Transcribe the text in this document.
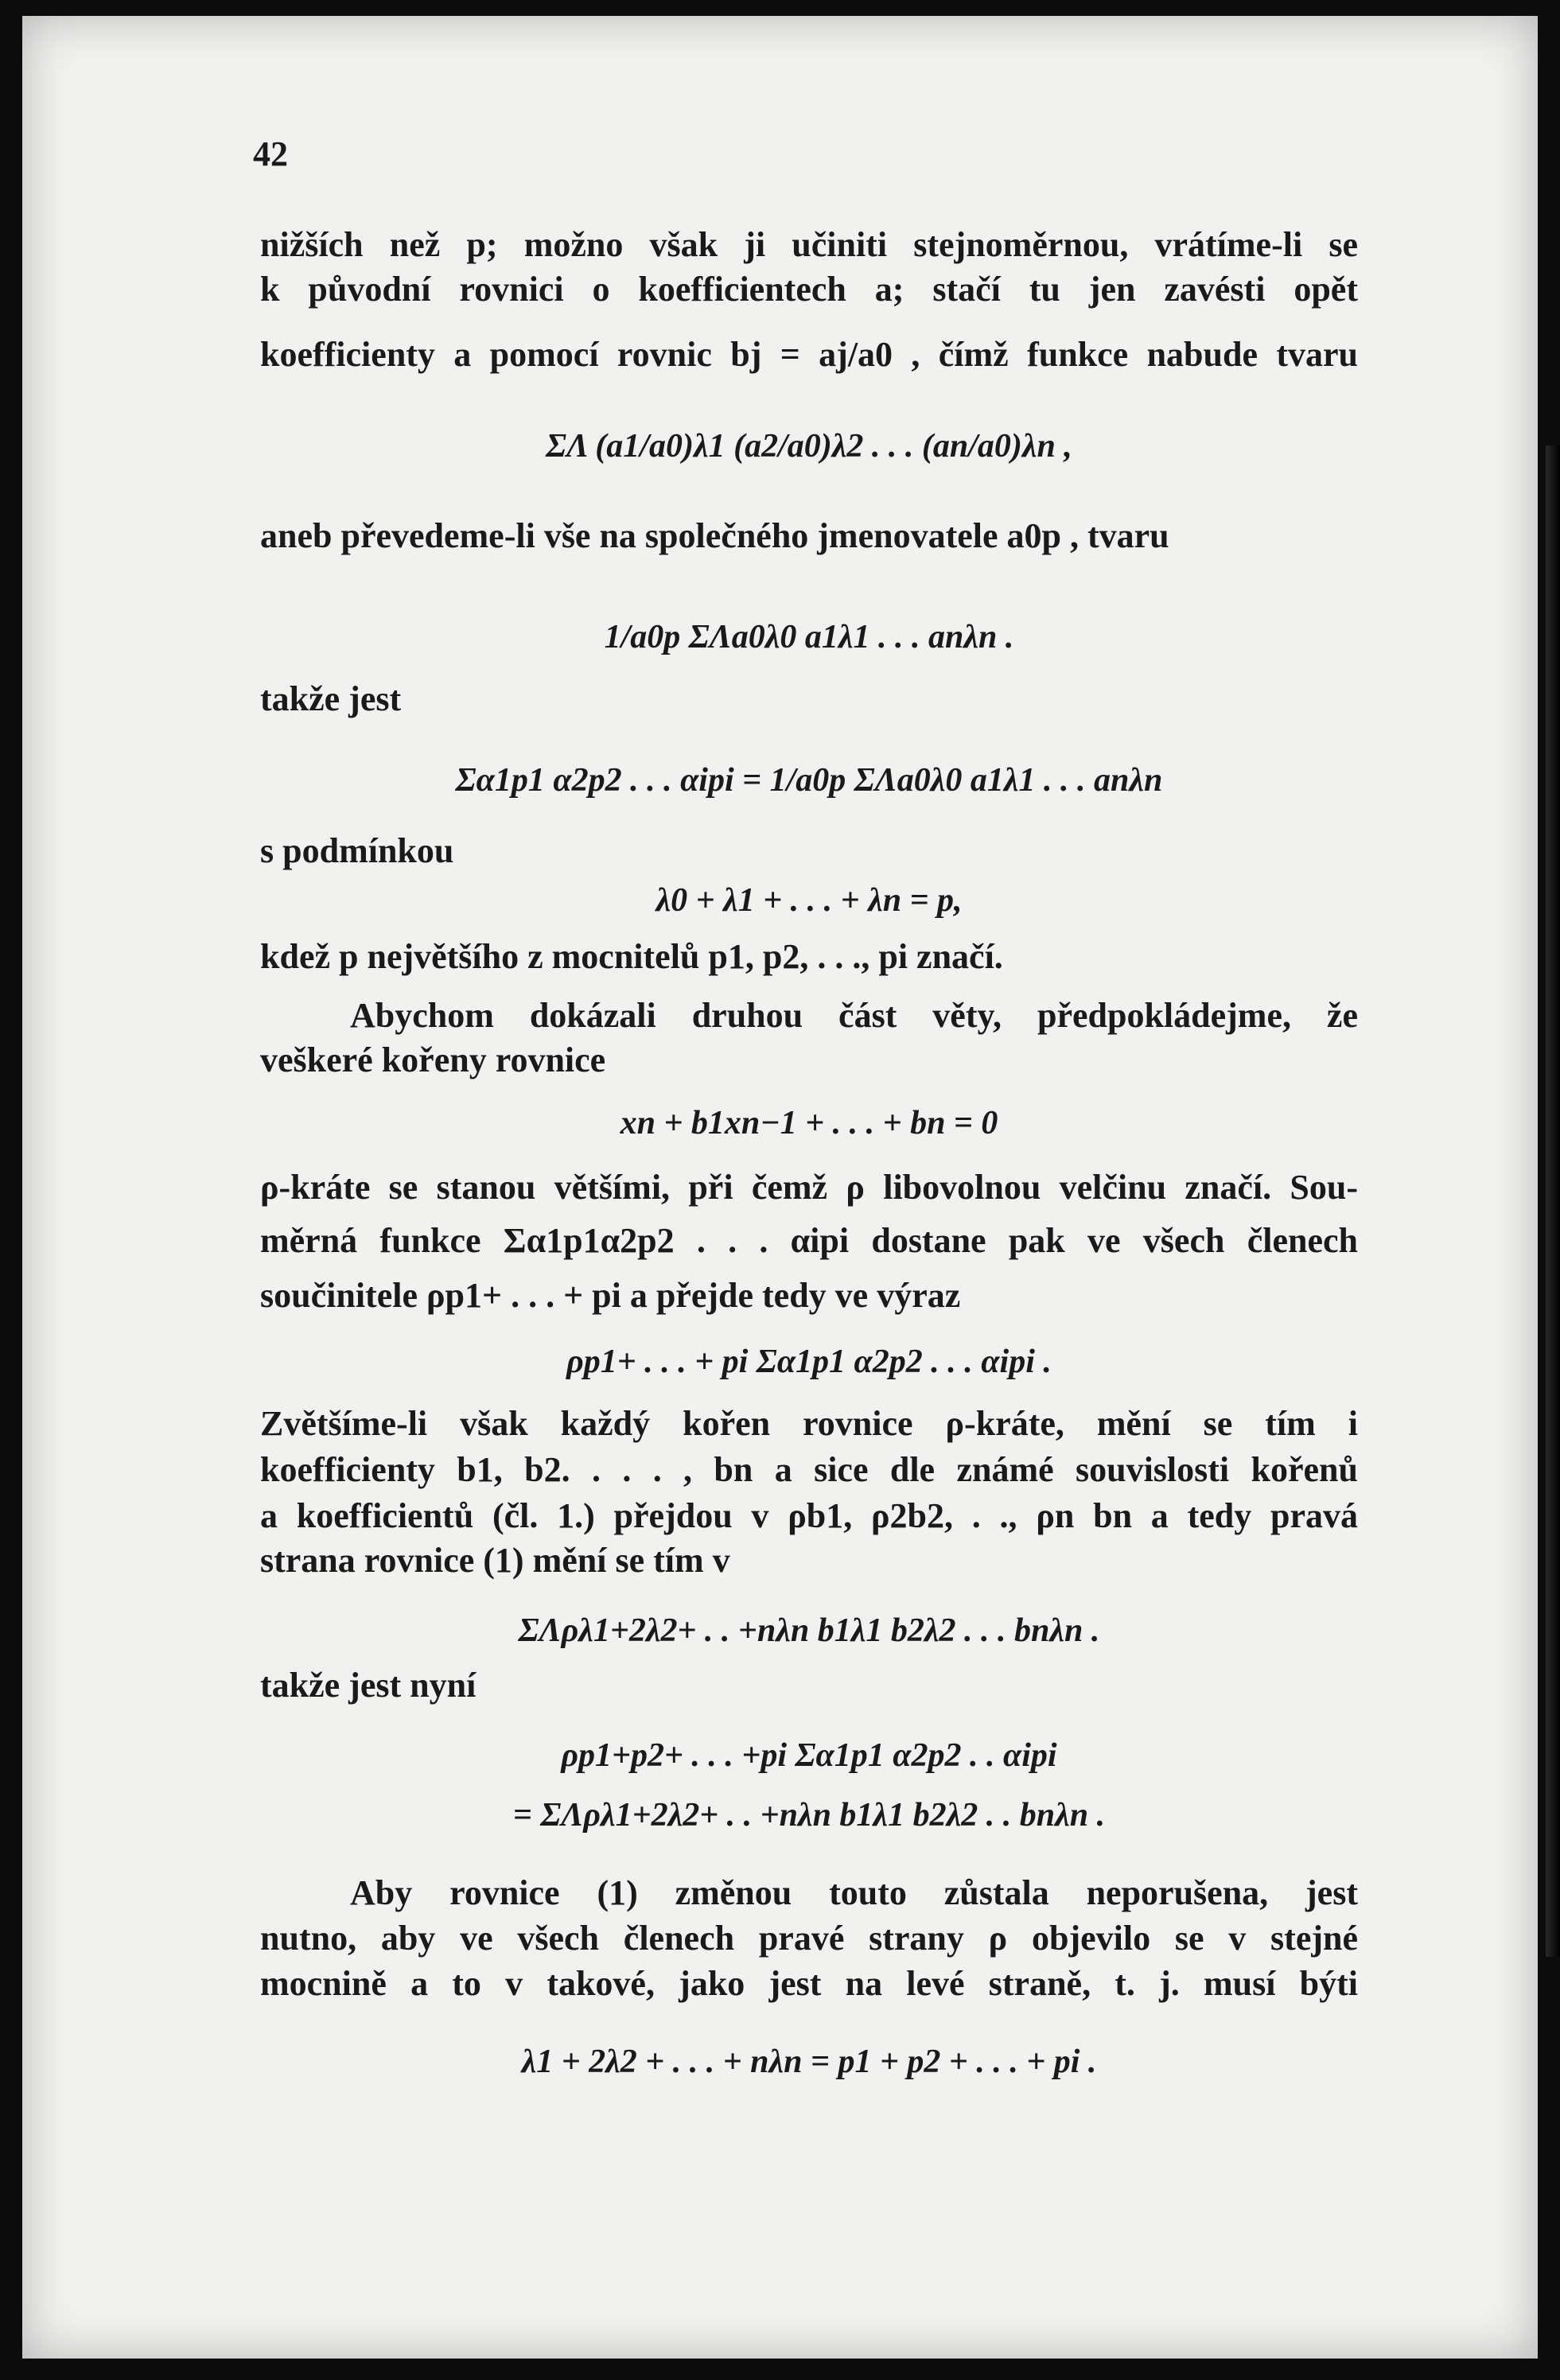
42
nižších než p; možno však ji učiniti stejnoměrnou, vrátíme-li se
k původní rovnici o koefficientech a; stačí tu jen zavésti opět
koefficienty a pomocí rovnic bj = aj/a0 , čímž funkce nabude tvaru
ΣΛ (a1/a0)λ1 (a2/a0)λ2 . . . (an/a0)λn ,
aneb převedeme-li vše na společného jmenovatele a0p , tvaru
1/a0p ΣΛa0λ0 a1λ1 . . . anλn .
takže jest
Σα1p1 α2p2 . . . αipi = 1/a0p ΣΛa0λ0 a1λ1 . . . anλn
s podmínkou
λ0 + λ1 + . . . + λn = p,
kdež p největšího z mocnitelů p1, p2, . . ., pi značí.
Abychom dokázali druhou část věty, předpokládejme, že
veškeré kořeny rovnice
xn + b1xn−1 + . . . + bn = 0
ρ-kráte se stanou většími, při čemž ρ libovolnou velčinu značí. Sou-
měrná funkce Σα1p1α2p2 . . . αipi dostane pak ve všech členech
součinitele ρp1+ . . . + pi a přejde tedy ve výraz
ρp1+ . . . + pi Σα1p1 α2p2 . . . αipi .
Zvětšíme-li však každý kořen rovnice ρ-kráte, mění se tím i
koefficienty b1, b2. . . . , bn a sice dle známé souvislosti kořenů
a koefficientů (čl. 1.) přejdou v ρb1, ρ2b2, . ., ρn bn a tedy pravá
strana rovnice (1) mění se tím v
ΣΛρλ1+2λ2+ . . +nλn b1λ1 b2λ2 . . . bnλn .
takže jest nyní
ρp1+p2+ . . . +pi Σα1p1 α2p2 . . αipi
= ΣΛρλ1+2λ2+ . . +nλn b1λ1 b2λ2 . . bnλn .
Aby rovnice (1) změnou touto zůstala neporušena, jest
nutno, aby ve všech členech pravé strany ρ objevilo se v stejné
mocnině a to v takové, jako jest na levé straně, t. j. musí býti
λ1 + 2λ2 + . . . + nλn = p1 + p2 + . . . + pi .
